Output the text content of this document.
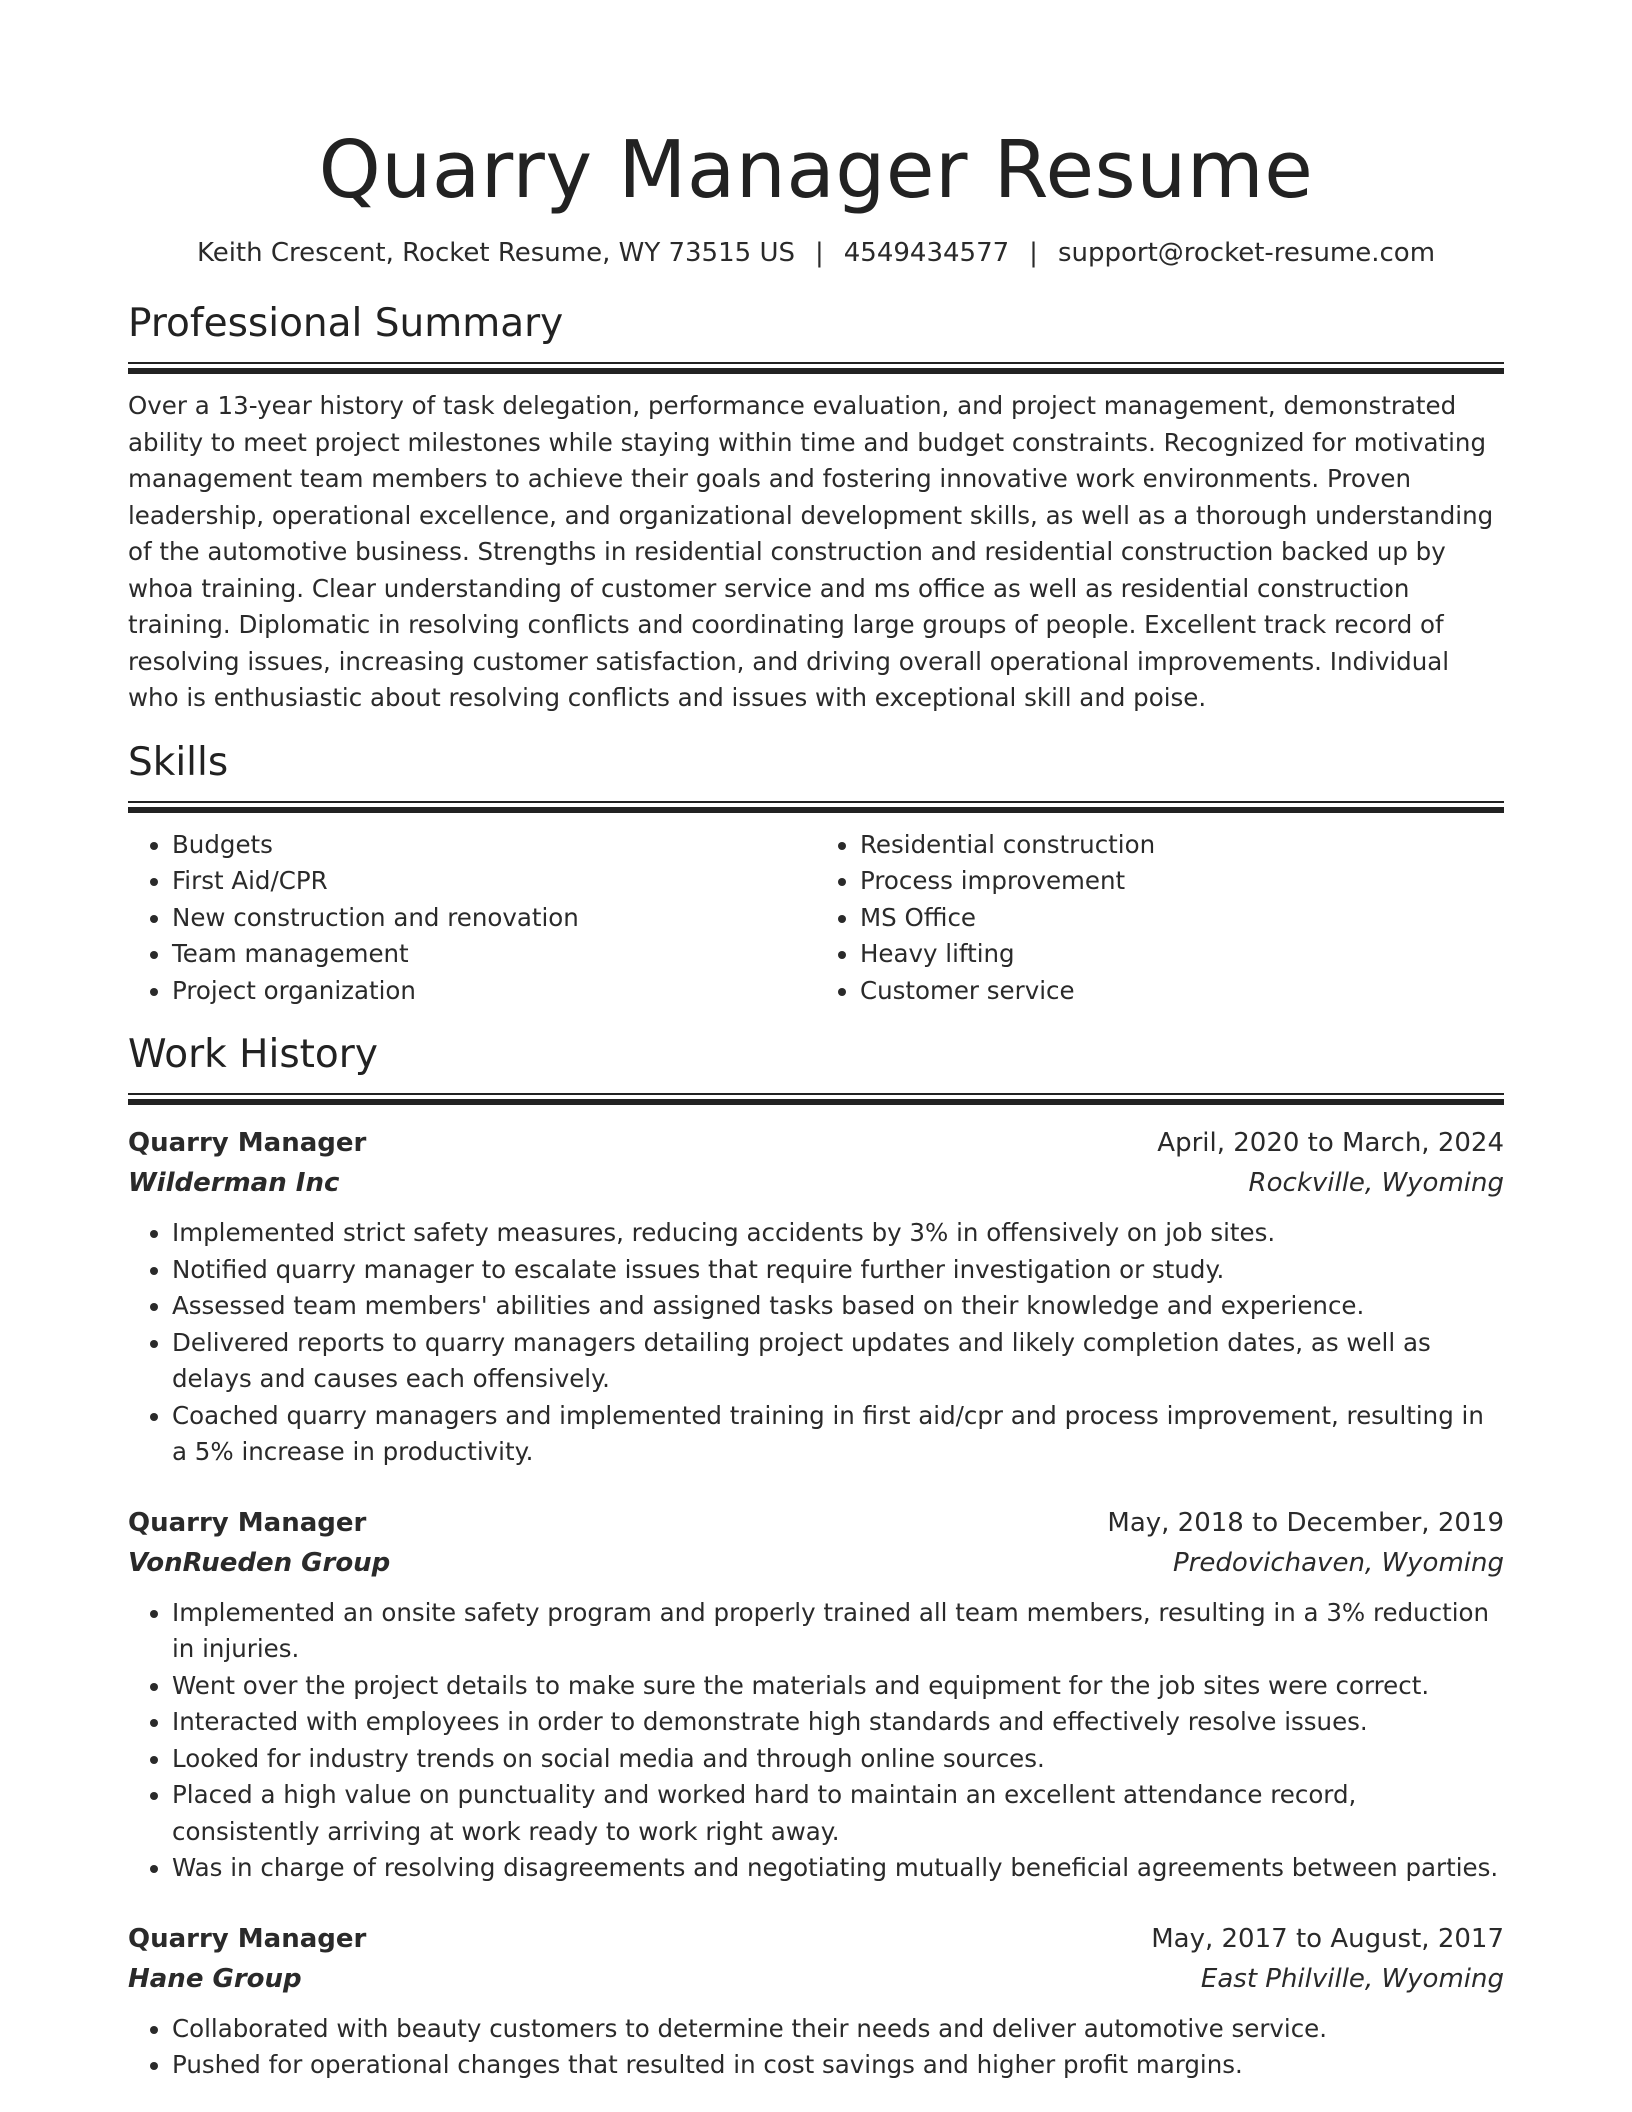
Quarry Manager Resume
Keith Crescent, Rocket Resume, WY 73515 US | 4549434577 | support@rocket-resume.com
Professional Summary

Over a 13-year history of task delegation, performance evaluation, and project management, demonstrated ability to meet project milestones while staying within time and budget constraints. Recognized for motivating management team members to achieve their goals and fostering innovative work environments. Proven leadership, operational excellence, and organizational development skills, as well as a thorough understanding of the automotive business. Strengths in residential construction and residential construction backed up by whoa training. Clear understanding of customer service and ms office as well as residential construction training. Diplomatic in resolving conflicts and coordinating large groups of people. Excellent track record of resolving issues, increasing customer satisfaction, and driving overall operational improvements. Individual who is enthusiastic about resolving conflicts and issues with exceptional skill and poise.

Skills
• Budgets
• First Aid/CPR
• New construction and renovation
• Team management
• Project organization
• Residential construction
• Process improvement
• MS Office
• Heavy lifting
• Customer service
Work History
Quarry Manager	April, 2020 to March, 2024
Wilderman Inc	Rockville, Wyoming
• Implemented strict safety measures, reducing accidents by 3% in offensively on job sites.
• Notified quarry manager to escalate issues that require further investigation or study.
• Assessed team members' abilities and assigned tasks based on their knowledge and experience.
• Delivered reports to quarry managers detailing project updates and likely completion dates, as well as delays and causes each offensively.
• Coached quarry managers and implemented training in first aid/cpr and process improvement, resulting in a 5% increase in productivity.
Quarry Manager	May, 2018 to December, 2019
VonRueden Group	Predovichaven, Wyoming
• Implemented an onsite safety program and properly trained all team members, resulting in a 3% reduction in injuries.
• Went over the project details to make sure the materials and equipment for the job sites were correct.
• Interacted with employees in order to demonstrate high standards and effectively resolve issues.
• Looked for industry trends on social media and through online sources.
• Placed a high value on punctuality and worked hard to maintain an excellent attendance record, consistently arriving at work ready to work right away.
• Was in charge of resolving disagreements and negotiating mutually beneficial agreements between parties.
Quarry Manager	May, 2017 to August, 2017
Hane Group	East Philville, Wyoming
• Collaborated with beauty customers to determine their needs and deliver automotive service.
• Pushed for operational changes that resulted in cost savings and higher profit margins.
